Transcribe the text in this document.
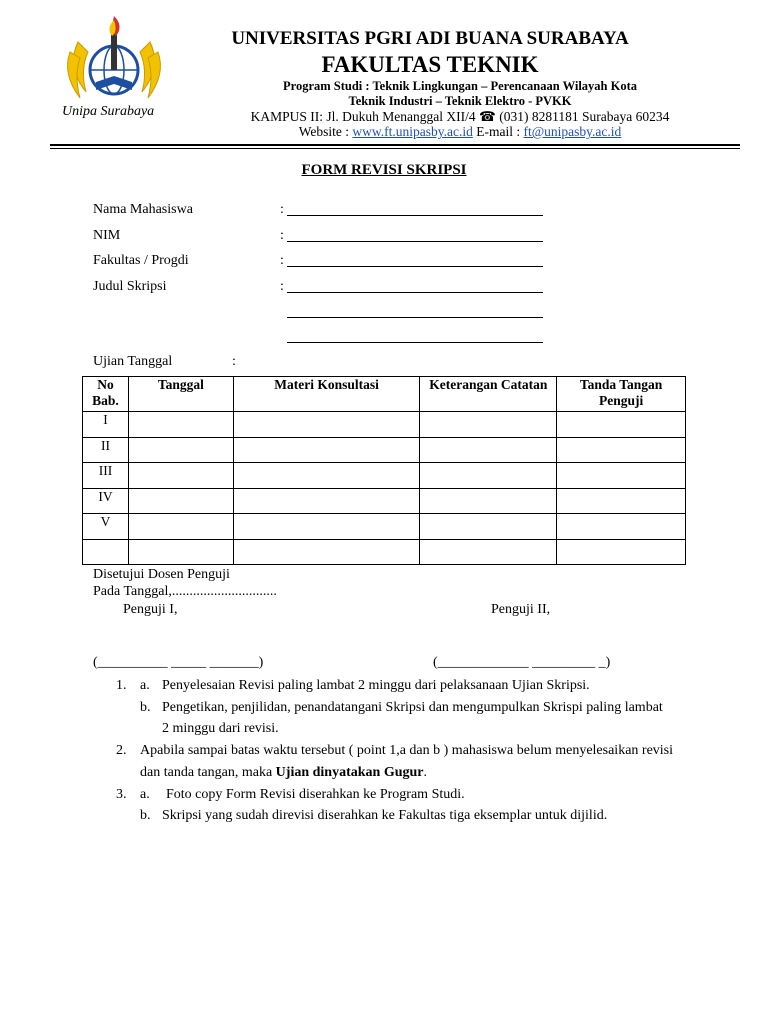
Unipa Surabaya
UNIVERSITAS PGRI ADI BUANA SURABAYA
FAKULTAS TEKNIK
Program Studi : Teknik Lingkungan – Perencanaan Wilayah Kota
Teknik Industri – Teknik Elektro - PVKK
KAMPUS II: Jl. Dukuh Menanggal XII/4 ☎ (031) 8281181 Surabaya 60234
Website : www.ft.unipasby.ac.id E-mail : ft@unipasby.ac.id
FORM REVISI SKRIPSI
Nama Mahasiswa	:
NIM	:
Fakultas / Progdi	:
Judul Skripsi	:
Ujian Tanggal	:
No Bab.	Tanggal	Materi Konsultasi	Keterangan Catatan	Tanda Tangan Penguji
I				
II				
III				
IV				
V				

Disetujui Dosen Penguji
Pada Tanggal,..............................
Penguji I,	Penguji II,
(__________ _____ _______)	(_____________ _________ _)
1. a. Penyelesaian Revisi paling lambat 2 minggu dari pelaksanaan Ujian Skripsi.
b. Pengetikan, penjilidan, penandatangani Skripsi dan mengumpulkan Skrispi paling lambat
2 minggu dari revisi.
2. Apabila sampai batas waktu tersebut ( point 1,a dan b ) mahasiswa belum menyelesaikan revisi
dan tanda tangan, maka Ujian dinyatakan Gugur.
3. a. Foto copy Form Revisi diserahkan ke Program Studi.
b. Skripsi yang sudah direvisi diserahkan ke Fakultas tiga eksemplar untuk dijilid.
